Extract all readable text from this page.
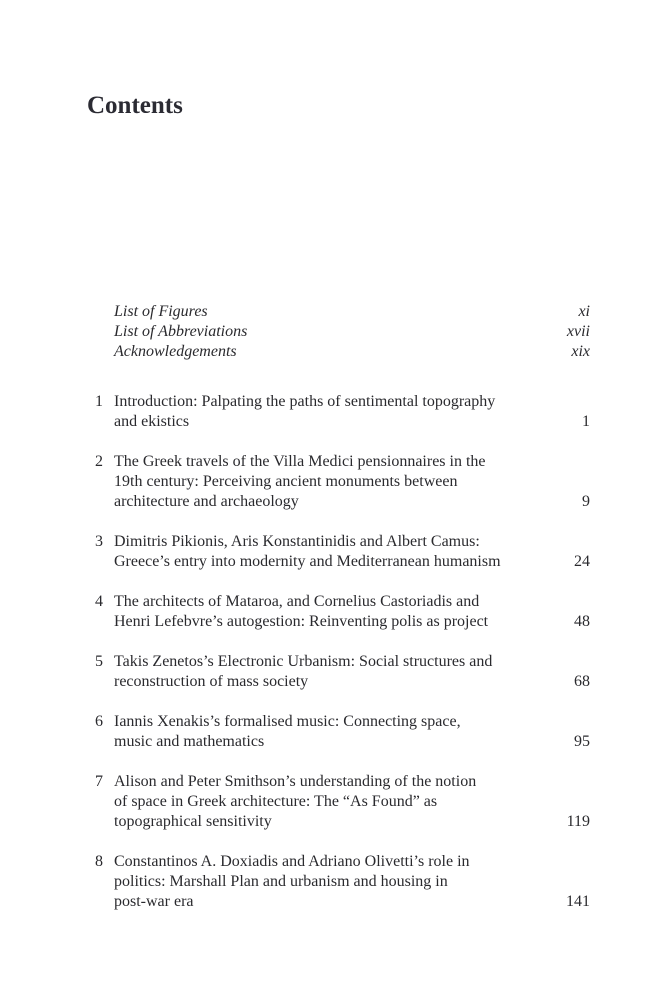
Contents
List of Figures	xi
List of Abbreviations	xvii
Acknowledgements	xix
1 Introduction: Palpating the paths of sentimental topography
and ekistics	1
2 The Greek travels of the Villa Medici pensionnaires in the
19th century: Perceiving ancient monuments between
architecture and archaeology	9
3 Dimitris Pikionis, Aris Konstantinidis and Albert Camus:
Greece’s entry into modernity and Mediterranean humanism	24
4 The architects of Mataroa, and Cornelius Castoriadis and
Henri Lefebvre’s autogestion: Reinventing polis as project	48
5 Takis Zenetos’s Electronic Urbanism: Social structures and
reconstruction of mass society	68
6 Iannis Xenakis’s formalised music: Connecting space,
music and mathematics	95
7 Alison and Peter Smithson’s understanding of the notion
of space in Greek architecture: The “As Found” as
topographical sensitivity	119
8 Constantinos A. Doxiadis and Adriano Olivetti’s role in
politics: Marshall Plan and urbanism and housing in
post-war era	141
